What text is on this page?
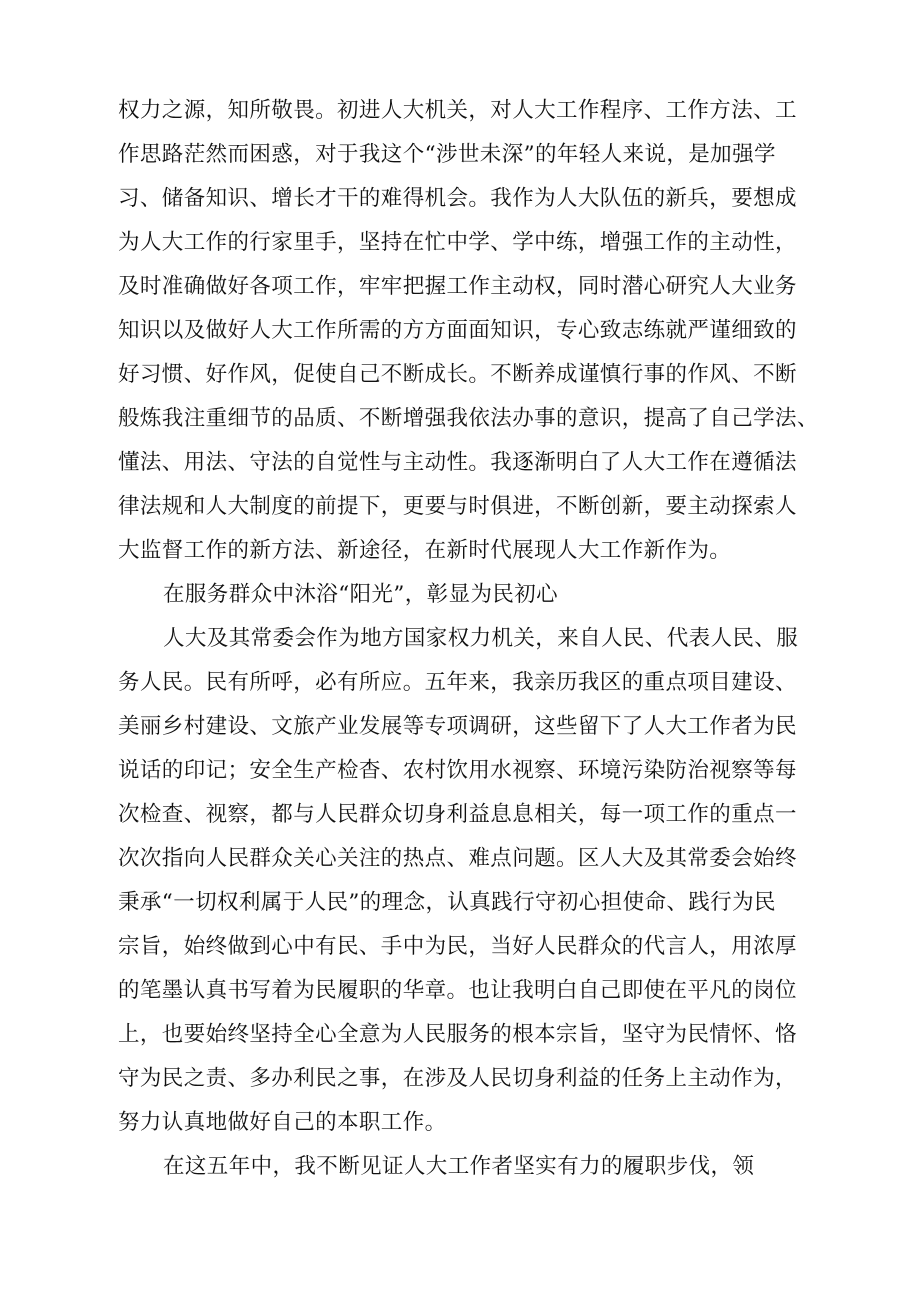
权力之源，知所敬畏。初进人大机关，对人大工作程序、工作方法、工
作思路茫然而困惑，对于我这个“涉世未深”的年轻人来说，是加强学
习、储备知识、增长才干的难得机会。我作为人大队伍的新兵，要想成
为人大工作的行家里手，坚持在忙中学、学中练，增强工作的主动性，
及时准确做好各项工作，牢牢把握工作主动权，同时潜心研究人大业务
知识以及做好人大工作所需的方方面面知识，专心致志练就严谨细致的
好习惯、好作风，促使自己不断成长。不断养成谨慎行事的作风、不断
般炼我注重细节的品质、不断增强我依法办事的意识，提高了自己学法、
懂法、用法、守法的自觉性与主动性。我逐渐明白了人大工作在遵循法
律法规和人大制度的前提下，更要与时俱进，不断创新，要主动探索人
大监督工作的新方法、新途径，在新时代展现人大工作新作为。
在服务群众中沐浴“阳光”，彰显为民初心
人大及其常委会作为地方国家权力机关，来自人民、代表人民、服
务人民。民有所呼，必有所应。五年来，我亲历我区的重点项目建设、
美丽乡村建设、文旅产业发展等专项调研，这些留下了人大工作者为民
说话的印记；安全生产检杳、农村饮用水视察、环境污染防治视察等每
次检查、视察，都与人民群众切身利益息息相关，每一项工作的重点一
次次指向人民群众关心关注的热点、难点问题。区人大及其常委会始终
秉承“一切权利属于人民”的理念，认真践行守初心担使命、践行为民
宗旨，始终做到心中有民、手中为民，当好人民群众的代言人，用浓厚
的笔墨认真书写着为民履职的华章。也让我明白自己即使在平凡的岗位
上，也要始终坚持全心全意为人民服务的根本宗旨，坚守为民情怀、恪
守为民之责、多办利民之事，在涉及人民切身利益的任务上主动作为，
努力认真地做好自己的本职工作。
在这五年中，我不断见证人大工作者坚实有力的履职步伐，领
